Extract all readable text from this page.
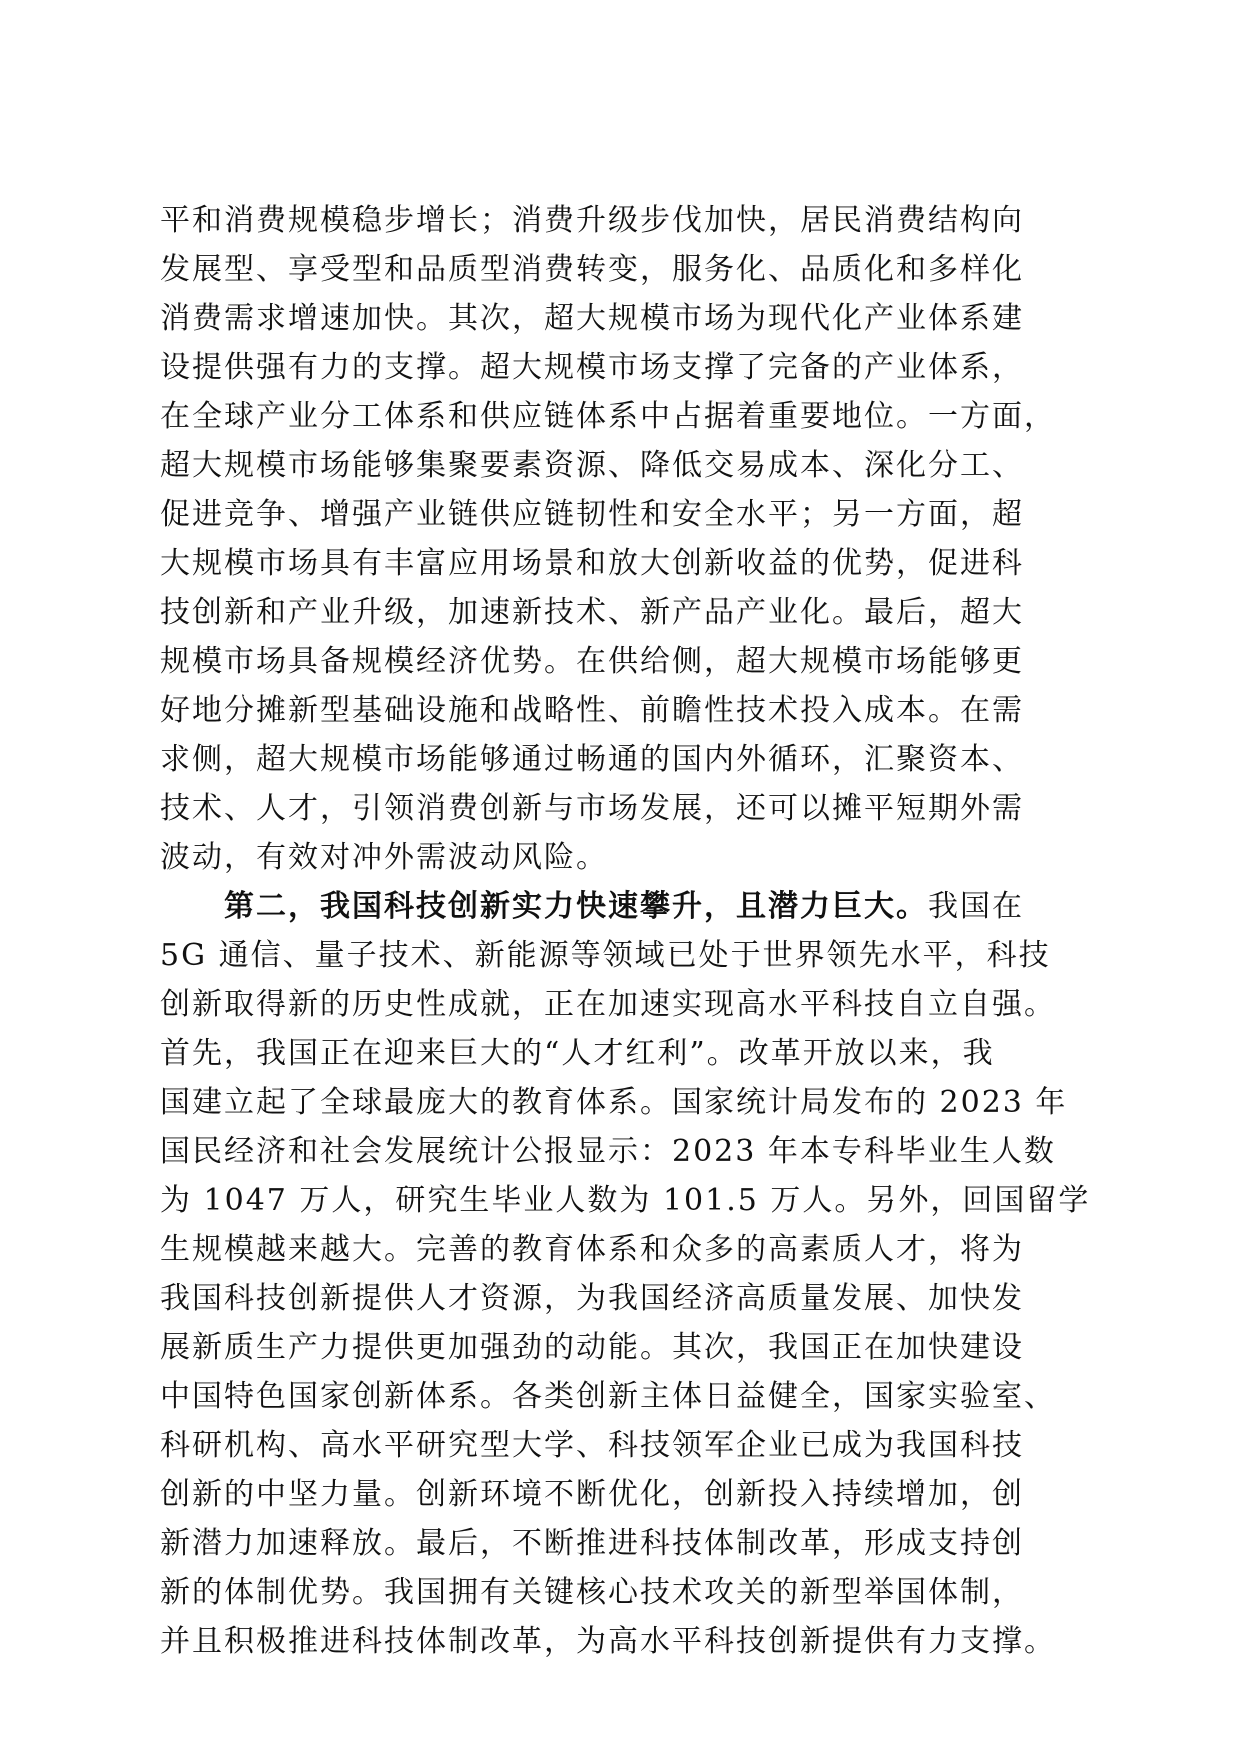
平和消费规模稳步增长；消费升级步伐加快，居民消费结构向
发展型、享受型和品质型消费转变，服务化、品质化和多样化
消费需求增速加快。其次，超大规模市场为现代化产业体系建
设提供强有力的支撑。超大规模市场支撑了完备的产业体系，
在全球产业分工体系和供应链体系中占据着重要地位。一方面，
超大规模市场能够集聚要素资源、降低交易成本、深化分工、
促进竞争、增强产业链供应链韧性和安全水平；另一方面，超
大规模市场具有丰富应用场景和放大创新收益的优势，促进科
技创新和产业升级，加速新技术、新产品产业化。最后，超大
规模市场具备规模经济优势。在供给侧，超大规模市场能够更
好地分摊新型基础设施和战略性、前瞻性技术投入成本。在需
求侧，超大规模市场能够通过畅通的国内外循环，汇聚资本、
技术、人才，引领消费创新与市场发展，还可以摊平短期外需
波动，有效对冲外需波动风险。
第二，我国科技创新实力快速攀升，且潜力巨大。我国在
5G 通信、量子技术、新能源等领域已处于世界领先水平，科技
创新取得新的历史性成就，正在加速实现高水平科技自立自强。
首先，我国正在迎来巨大的“人才红利”。改革开放以来，我
国建立起了全球最庞大的教育体系。国家统计局发布的 2023 年
国民经济和社会发展统计公报显示：2023 年本专科毕业生人数
为 1047 万人，研究生毕业人数为 101.5 万人。另外，回国留学
生规模越来越大。完善的教育体系和众多的高素质人才，将为
我国科技创新提供人才资源，为我国经济高质量发展、加快发
展新质生产力提供更加强劲的动能。其次，我国正在加快建设
中国特色国家创新体系。各类创新主体日益健全，国家实验室、
科研机构、高水平研究型大学、科技领军企业已成为我国科技
创新的中坚力量。创新环境不断优化，创新投入持续增加，创
新潜力加速释放。最后，不断推进科技体制改革，形成支持创
新的体制优势。我国拥有关键核心技术攻关的新型举国体制，
并且积极推进科技体制改革，为高水平科技创新提供有力支撑。
